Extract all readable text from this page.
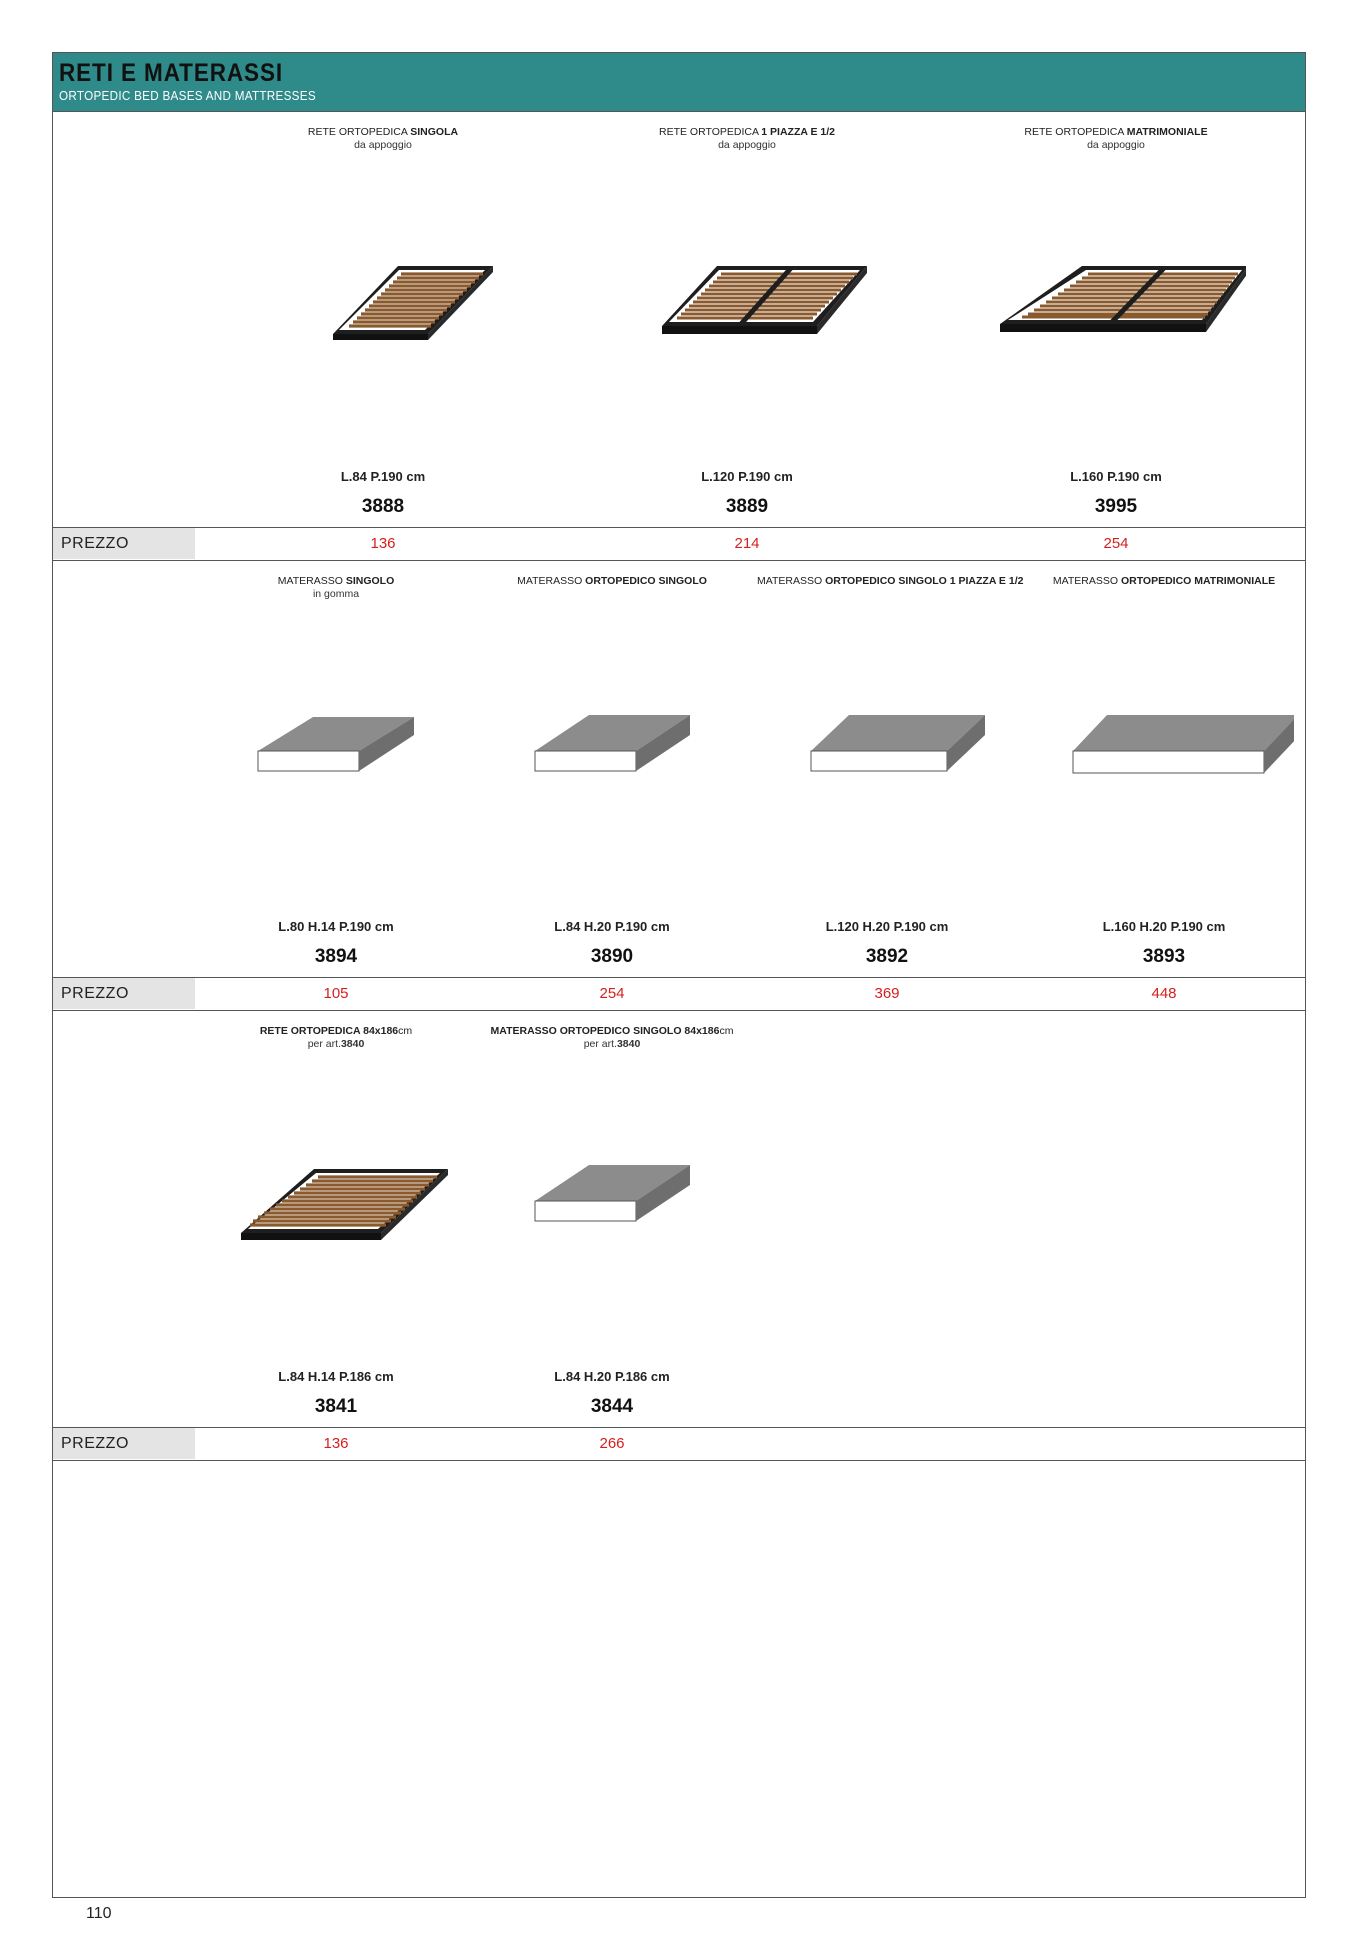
RETI E MATERASSI
ORTOPEDIC BED BASES AND MATTRESSES
RETE ORTOPEDICA SINGOLA
da appoggio
L.84 P.190 cm
3888
RETE ORTOPEDICA 1 PIAZZA E 1/2
da appoggio
L.120 P.190 cm
3889
RETE ORTOPEDICA MATRIMONIALE
da appoggio
L.160 P.190 cm
3995
PREZZO	136	214	254
MATERASSO SINGOLO
in gomma
L.80 H.14 P.190 cm
3894
MATERASSO ORTOPEDICO SINGOLO
L.84 H.20 P.190 cm
3890
MATERASSO ORTOPEDICO SINGOLO 1 PIAZZA E 1/2
L.120 H.20 P.190 cm
3892
MATERASSO ORTOPEDICO MATRIMONIALE
L.160 H.20 P.190 cm
3893
PREZZO	105	254	369	448
RETE ORTOPEDICA 84x186cm
per art.3840
L.84 H.14 P.186 cm
3841
MATERASSO ORTOPEDICO SINGOLO 84x186cm
per art.3840
L.84 H.20 P.186 cm
3844
PREZZO	136	266
110
